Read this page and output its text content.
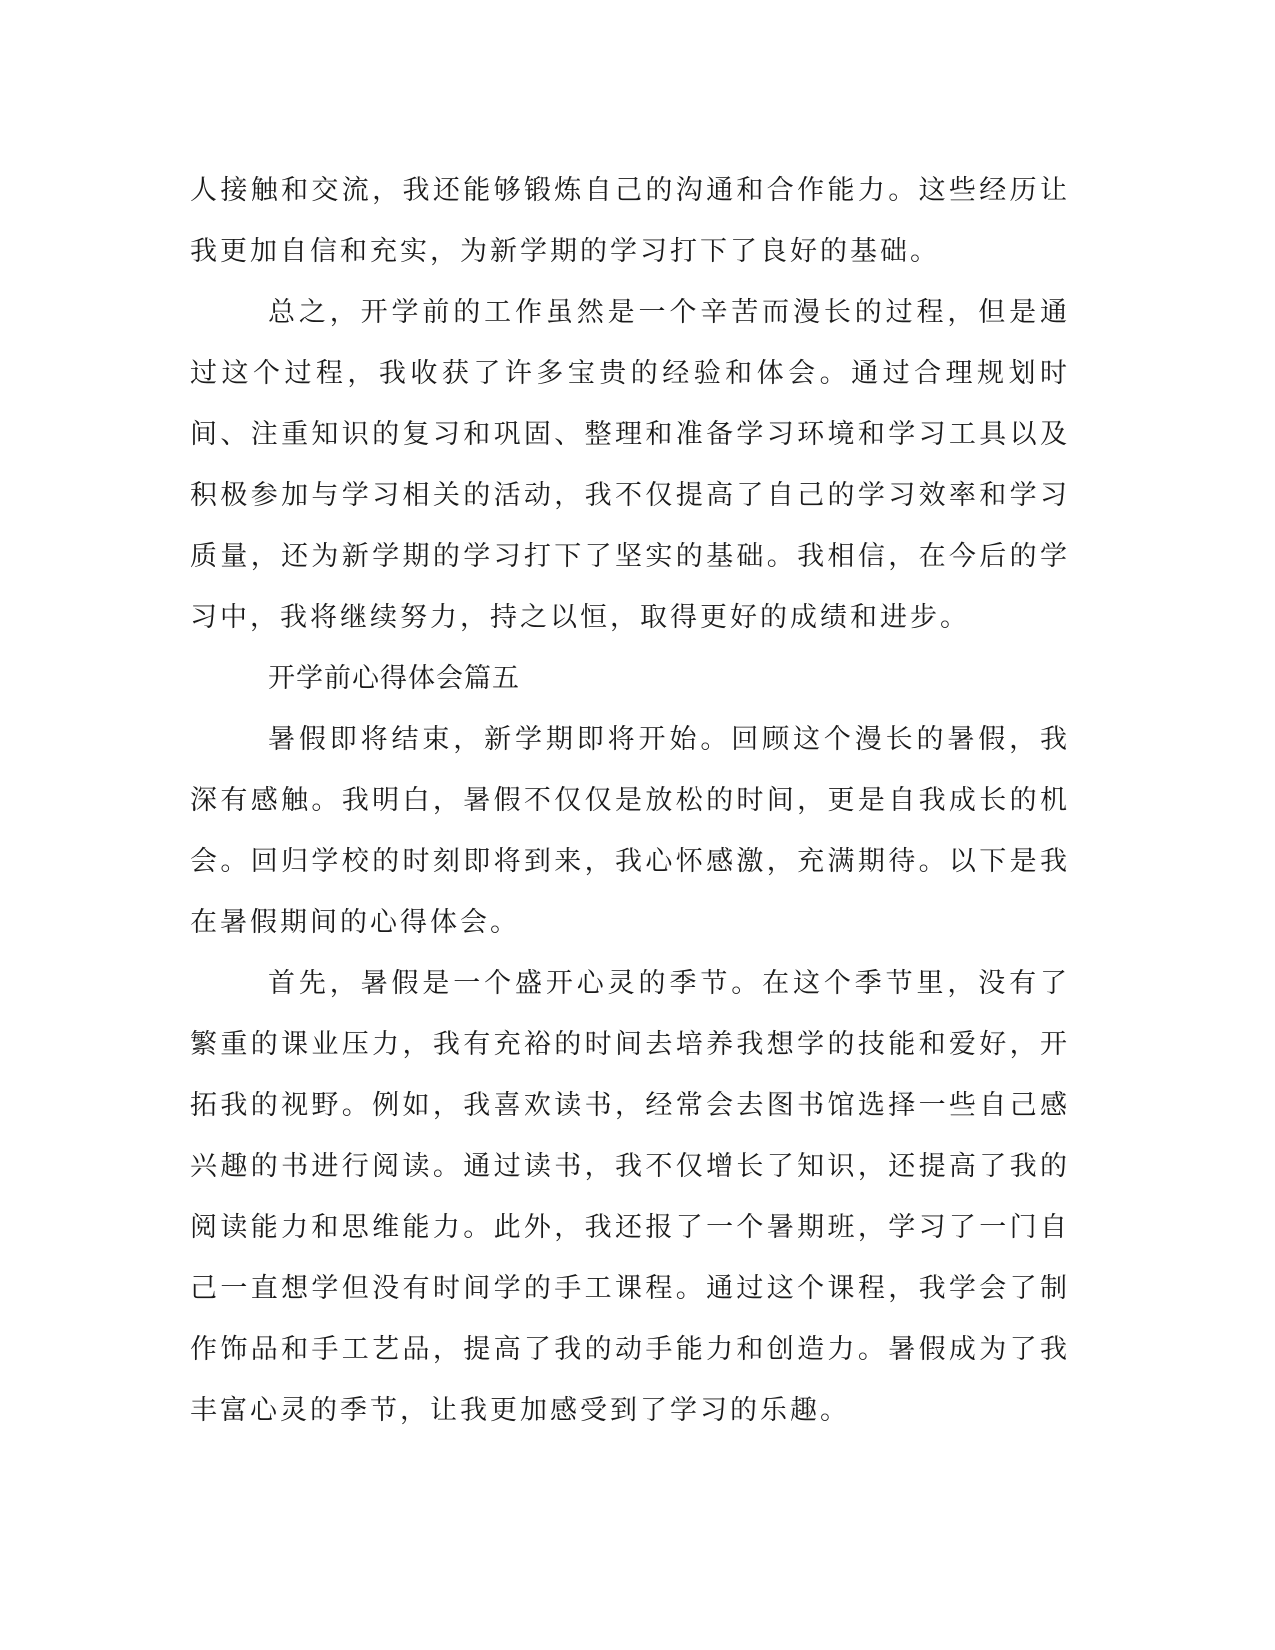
人接触和交流，我还能够锻炼自己的沟通和合作能力。这些经历让我更加自信和充实，为新学期的学习打下了良好的基础。

总之，开学前的工作虽然是一个辛苦而漫长的过程，但是通过这个过程，我收获了许多宝贵的经验和体会。通过合理规划时间、注重知识的复习和巩固、整理和准备学习环境和学习工具以及积极参加与学习相关的活动，我不仅提高了自己的学习效率和学习质量，还为新学期的学习打下了坚实的基础。我相信，在今后的学习中，我将继续努力，持之以恒，取得更好的成绩和进步。

开学前心得体会篇五

暑假即将结束，新学期即将开始。回顾这个漫长的暑假，我深有感触。我明白，暑假不仅仅是放松的时间，更是自我成长的机会。回归学校的时刻即将到来，我心怀感激，充满期待。以下是我在暑假期间的心得体会。

首先，暑假是一个盛开心灵的季节。在这个季节里，没有了繁重的课业压力，我有充裕的时间去培养我想学的技能和爱好，开拓我的视野。例如，我喜欢读书，经常会去图书馆选择一些自己感兴趣的书进行阅读。通过读书，我不仅增长了知识，还提高了我的阅读能力和思维能力。此外，我还报了一个暑期班，学习了一门自己一直想学但没有时间学的手工课程。通过这个课程，我学会了制作饰品和手工艺品，提高了我的动手能力和创造力。暑假成为了我丰富心灵的季节，让我更加感受到了学习的乐趣。
